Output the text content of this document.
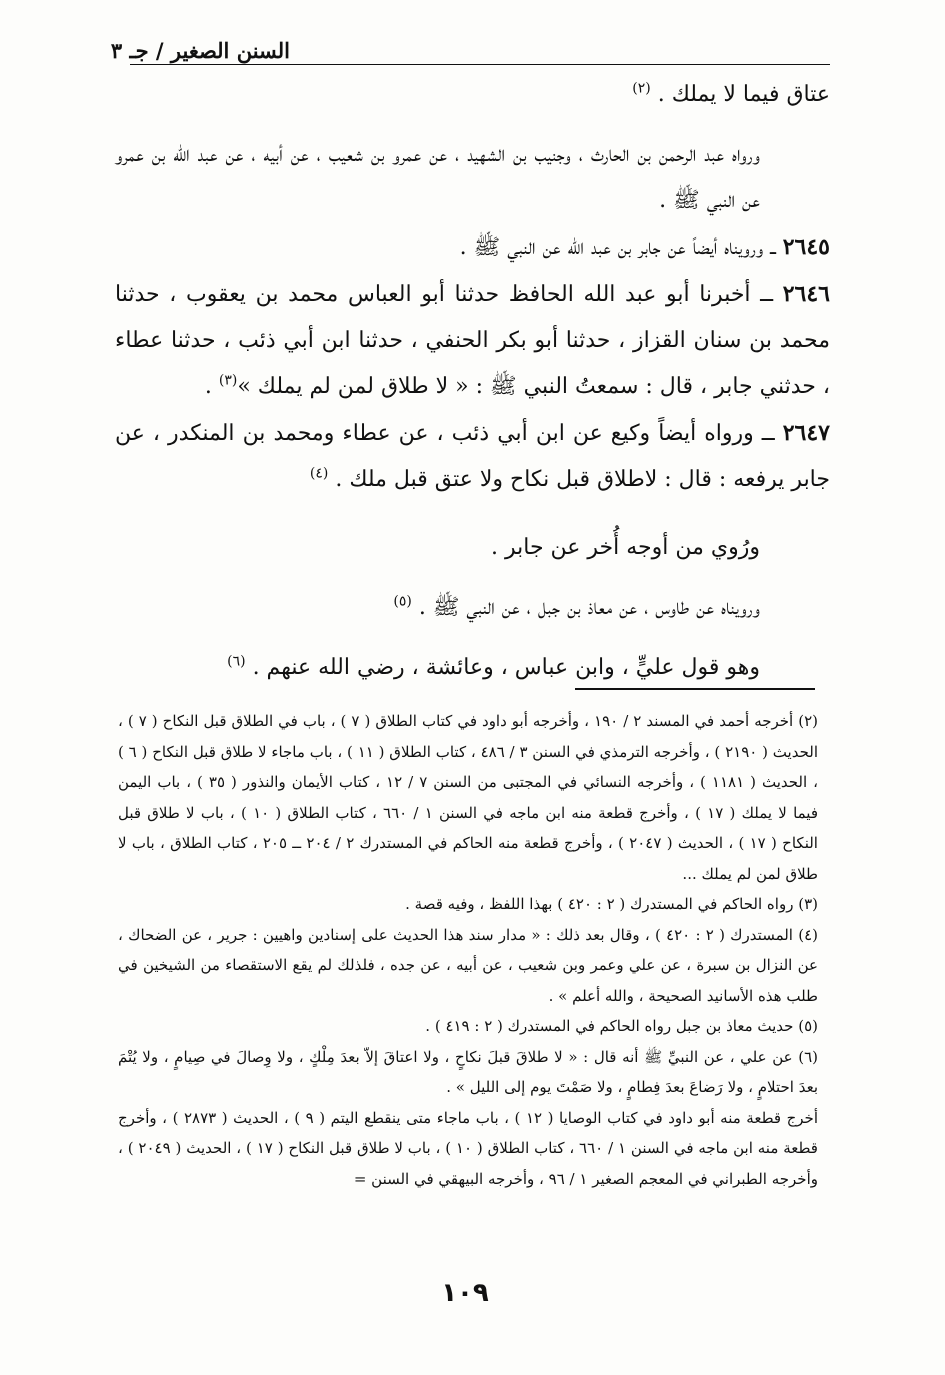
السنن الصغير / جـ ٣

عتاق فيما لا يملك . $^{(٢)}$

ورواه عبد الرحمن بن الحارث ، وجنيب بن الشهيد ، عن عمرو بن شعيب ، عن أبيه ، عن عبد الله بن عمرو عن النبي ﷺ .

٢٦٤٥ ــ ورويناه أيضاً عن جابر بن عبد الله عن النبي ﷺ .

٢٦٤٦ ــ أخبرنا أبو عبد الله الحافظ حدثنا أبو العباس محمد بن يعقوب ، حدثنا محمد بن سنان القزاز ، حدثنا أبو بكر الحنفي ، حدثنا ابن أبي ذئب ، حدثنا عطاء ، حدثني جابر ، قال : سمعتُ النبي ﷺ : « لا طلاق لمن لم يملك »$^{(٣)}$ .

٢٦٤٧ ــ ورواه أيضاً وكيع عن ابن أبي ذئب ، عن عطاء ومحمد بن المنكدر ، عن جابر يرفعه : قال : لاطلاق قبل نكاح ولا عتق قبل ملك . $^{(٤)}$

ورُوي من أوجه أُخر عن جابر .

ورويناه عن طاوس ، عن معاذ بن جبل ، عن النبي ﷺ . $^{(٥)}$

وهو قول عليٍّ ، وابن عباس ، وعائشة ، رضي الله عنهم . $^{(٦)}$

(٢) أخرجه أحمد في المسند ٢ / ١٩٠ ، وأخرجه أبو داود في كتاب الطلاق ( ٧ ) ، باب في الطلاق قبل النكاح ( ٧ ) ، الحديث ( ٢١٩٠ ) ، وأخرجه الترمذي في السنن ٣ / ٤٨٦ ، كتاب الطلاق ( ١١ ) ، باب ماجاء لا طلاق قبل النكاح ( ٦ ) ، الحديث ( ١١٨١ ) ، وأخرجه النسائي في المجتبى من السنن ٧ / ١٢ ، كتاب الأيمان والنذور ( ٣٥ ) ، باب اليمن فيما لا يملك ( ١٧ ) ، وأخرج قطعة منه ابن ماجه في السنن ١ / ٦٦٠ ، كتاب الطلاق ( ١٠ ) ، باب لا طلاق قبل النكاح ( ١٧ ) ، الحديث ( ٢٠٤٧ ) ، وأخرج قطعة منه الحاكم في المستدرك ٢ / ٢٠٤ ــ ٢٠٥ ، كتاب الطلاق ، باب لا طلاق لمن لم يملك ...

(٣) رواه الحاكم في المستدرك ( ٢ : ٤٢٠ ) بهذا اللفظ ، وفيه قصة .

(٤) المستدرك ( ٢ : ٤٢٠ ) ، وقال بعد ذلك : « مدار سند هذا الحديث على إسنادين واهيين : جرير ، عن الضحاك ، عن النزال بن سبرة ، عن علي وعمر وبن شعيب ، عن أبيه ، عن جده ، فلذلك لم يقع الاستقصاء من الشيخين في طلب هذه الأسانيد الصحيحة ، والله أعلم » .

(٥) حديث معاذ بن جبل رواه الحاكم في المستدرك ( ٢ : ٤١٩ ) .

(٦) عن علي ، عن النبيِّ ﷺ أنه قال : « لا طلاقَ قبلَ نكاحٍ ، ولا اعتاقَ إلاّ بعدَ مِلْكٍ ، ولا وِصالَ في صِيامٍ ، ولا يُتْمَ بعدَ احتلامٍ ، ولا رَضاعَ بعدَ فِطامٍ ، ولا صَمْتَ يوم إلى الليل » .

أخرج قطعة منه أبو داود في كتاب الوصايا ( ١٢ ) ، باب ماجاء متى ينقطع اليتم ( ٩ ) ، الحديث ( ٢٨٧٣ ) ، وأخرج قطعة منه ابن ماجه في السنن ١ / ٦٦٠ ، كتاب الطلاق ( ١٠ ) ، باب لا طلاق قبل النكاح ( ١٧ ) ، الحديث ( ٢٠٤٩ ) ، وأخرجه الطبراني في المعجم الصغير ١ / ٩٦ ، وأخرجه البيهقي في السنن =

١٠٩
